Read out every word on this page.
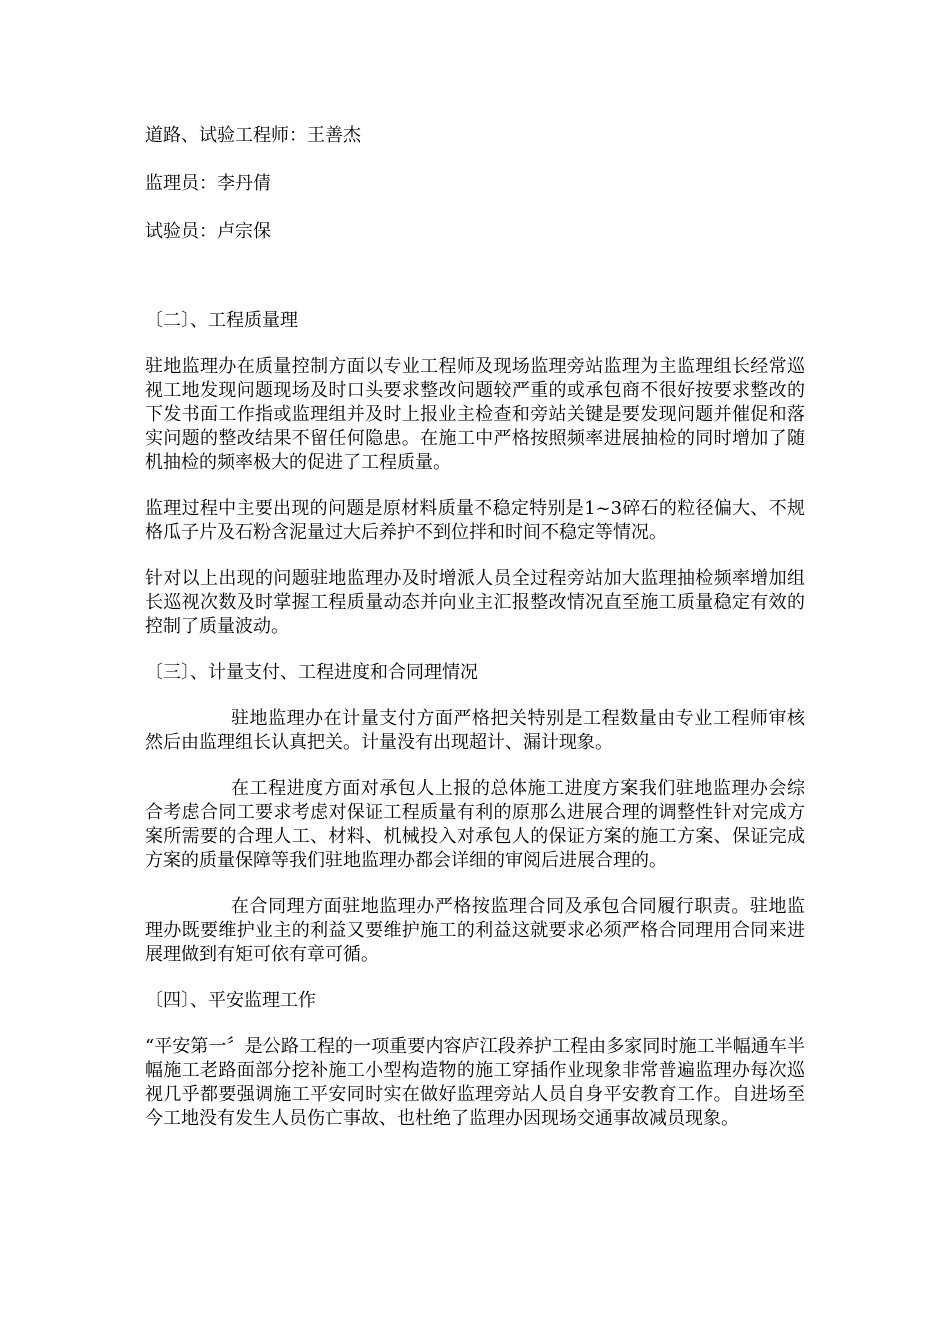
道路、试验工程师：王善杰

监理员：李丹倩

试验员：卢宗保

〔二〕、工程质量理

驻地监理办在质量控制方面以专业工程师及现场监理旁站监理为主监理组长经常巡视工地发现问题现场及时口头要求整改问题较严重的或承包商不很好按要求整改的下发书面工作指或监理组并及时上报业主检查和旁站关键是要发现问题并催促和落实问题的整改结果不留任何隐患。在施工中严格按照频率进展抽检的同时增加了随机抽检的频率极大的促进了工程质量。

监理过程中主要出现的问题是原材料质量不稳定特别是1~3碎石的粒径偏大、不规格瓜子片及石粉含泥量过大后养护不到位拌和时间不稳定等情况。

针对以上出现的问题驻地监理办及时增派人员全过程旁站加大监理抽检频率增加组长巡视次数及时掌握工程质量动态并向业主汇报整改情况直至施工质量稳定有效的控制了质量波动。

〔三〕、计量支付、工程进度和合同理情况

驻地监理办在计量支付方面严格把关特别是工程数量由专业工程师审核然后由监理组长认真把关。计量没有出现超计、漏计现象。

在工程进度方面对承包人上报的总体施工进度方案我们驻地监理办会综合考虑合同工要求考虑对保证工程质量有利的原那么进展合理的调整性针对完成方案所需要的合理人工、材料、机械投入对承包人的保证方案的施工方案、保证完成方案的质量保障等我们驻地监理办都会详细的审阅后进展合理的。

在合同理方面驻地监理办严格按监理合同及承包合同履行职责。驻地监理办既要维护业主的利益又要维护施工的利益这就要求必须严格合同理用合同来进展理做到有矩可依有章可循。

〔四〕、平安监理工作

“平安第一〞是公路工程的一项重要内容庐江段养护工程由多家同时施工半幅通车半幅施工老路面部分挖补施工小型构造物的施工穿插作业现象非常普遍监理办每次巡视几乎都要强调施工平安同时实在做好监理旁站人员自身平安教育工作。自进场至今工地没有发生人员伤亡事故、也杜绝了监理办因现场交通事故减员现象。
